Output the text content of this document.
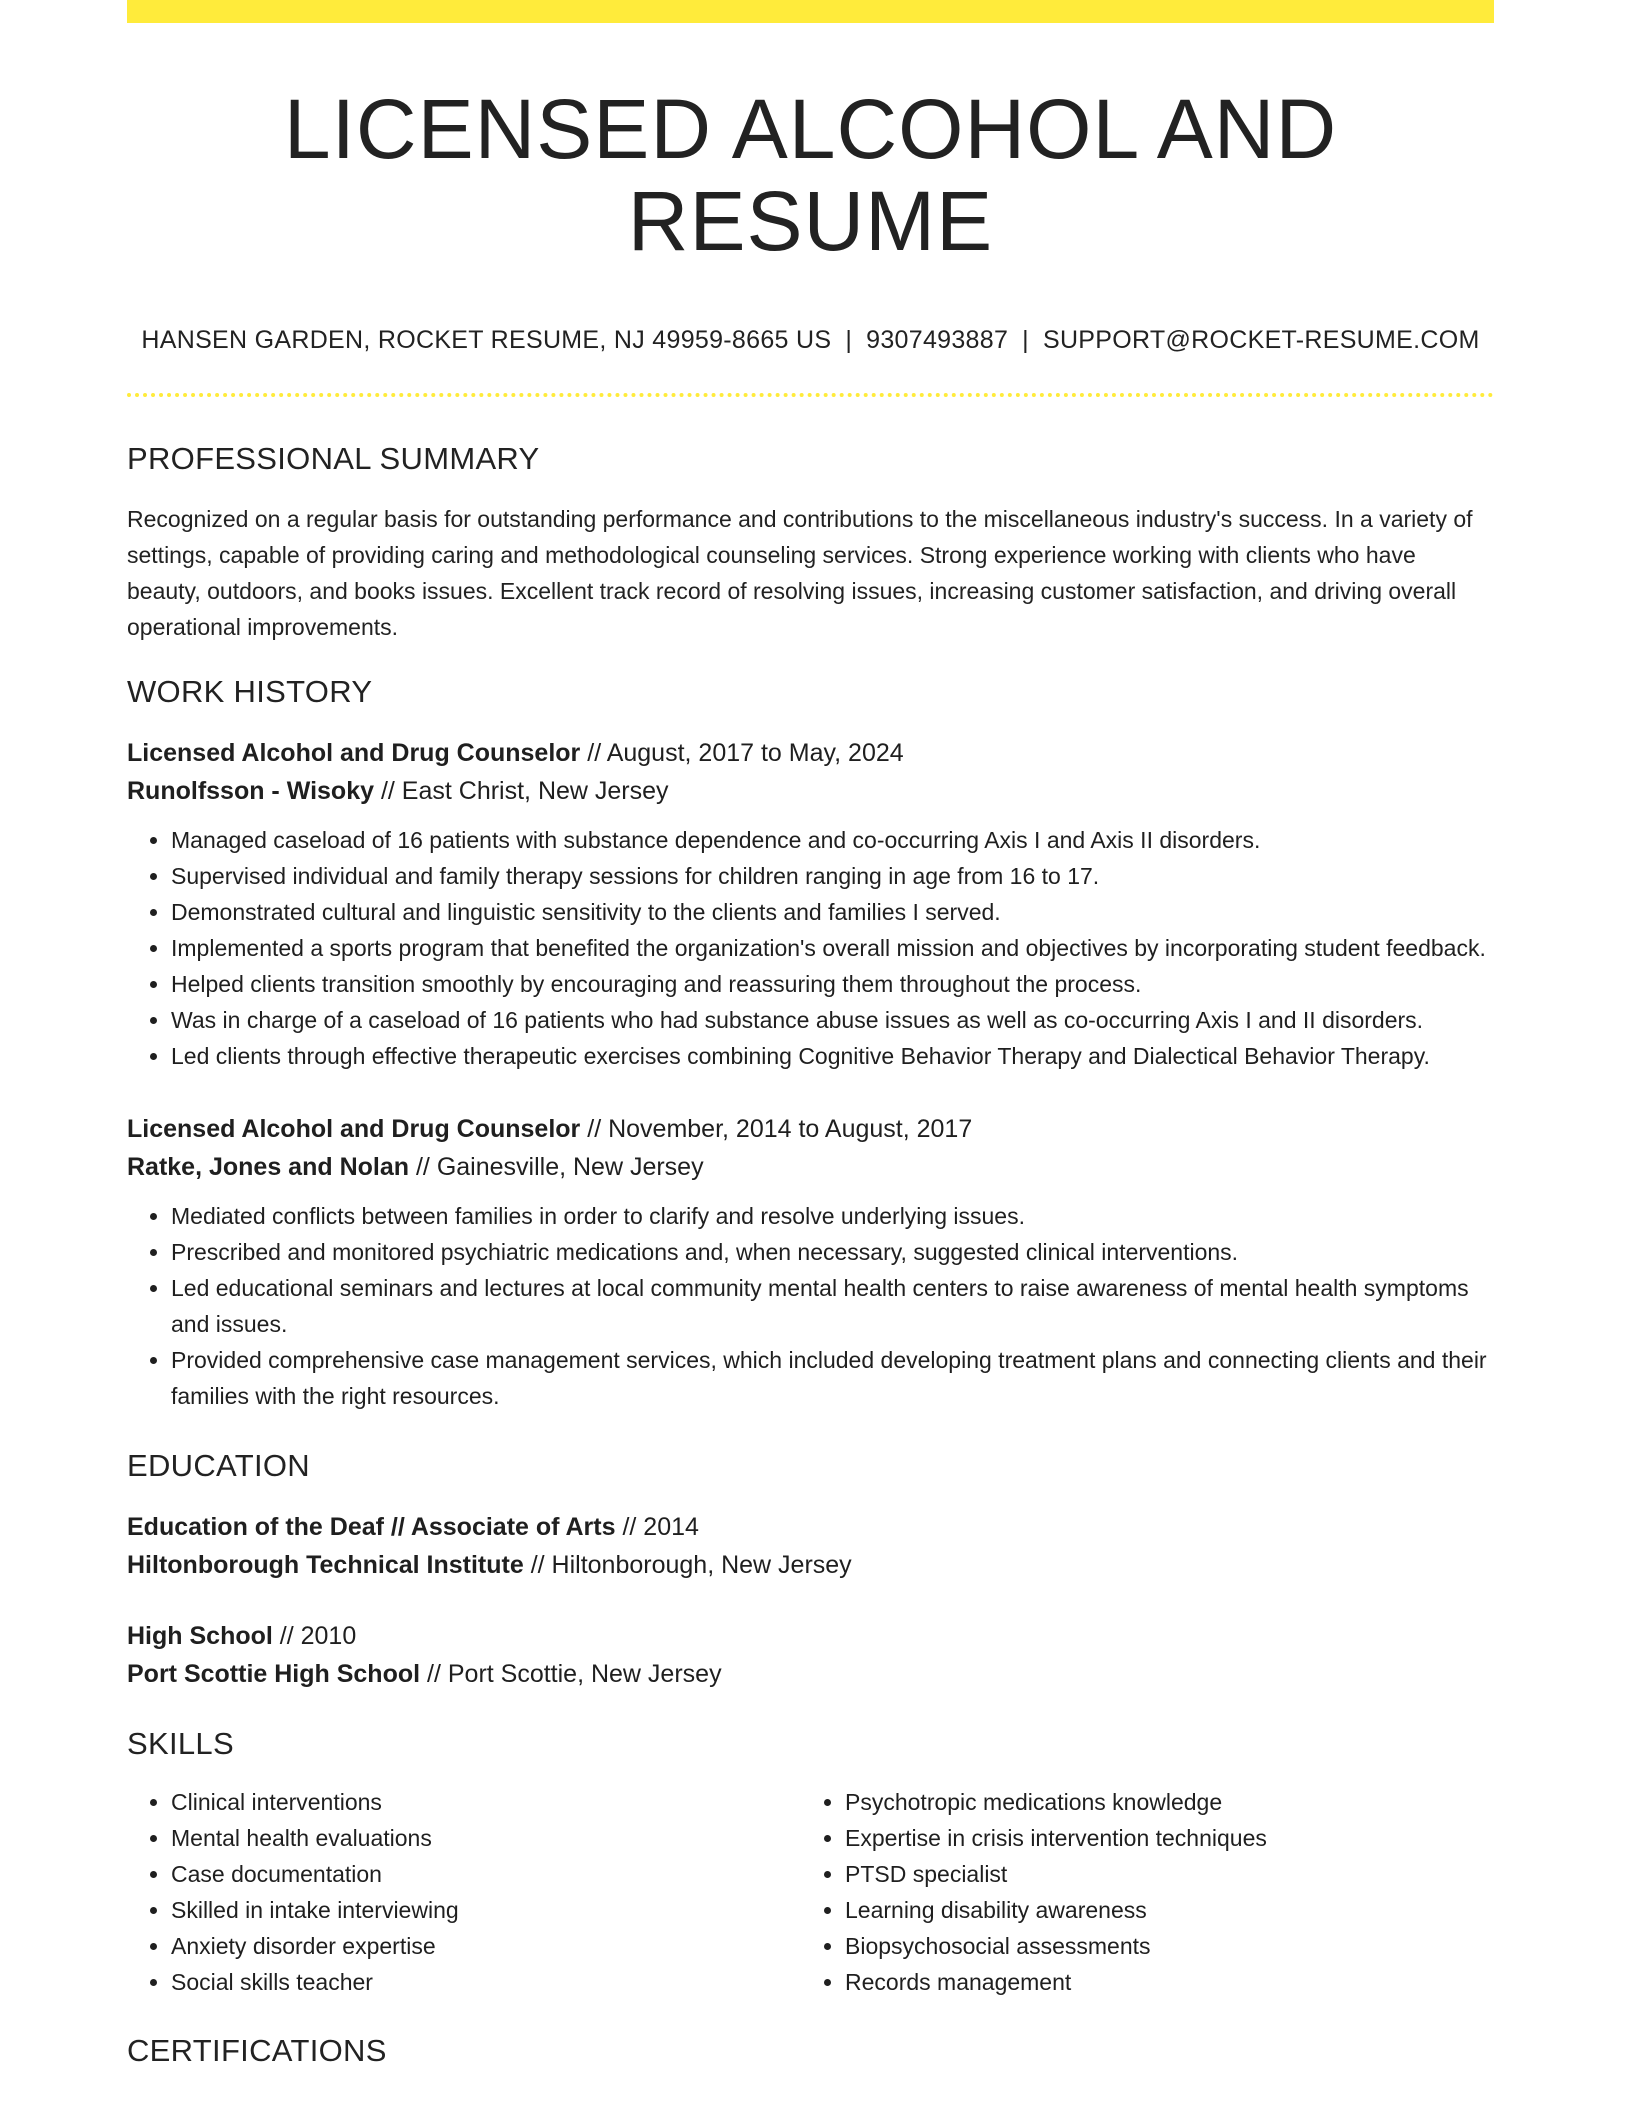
LICENSED ALCOHOL AND RESUME
HANSEN GARDEN, ROCKET RESUME, NJ 49959-8665 US | 9307493887 | SUPPORT@ROCKET-RESUME.COM
PROFESSIONAL SUMMARY
Recognized on a regular basis for outstanding performance and contributions to the miscellaneous industry's success. In a variety of settings, capable of providing caring and methodological counseling services. Strong experience working with clients who have beauty, outdoors, and books issues. Excellent track record of resolving issues, increasing customer satisfaction, and driving overall operational improvements.
WORK HISTORY
Licensed Alcohol and Drug Counselor // August, 2017 to May, 2024
Runolfsson - Wisoky // East Christ, New Jersey
• Managed caseload of 16 patients with substance dependence and co-occurring Axis I and Axis II disorders.
• Supervised individual and family therapy sessions for children ranging in age from 16 to 17.
• Demonstrated cultural and linguistic sensitivity to the clients and families I served.
• Implemented a sports program that benefited the organization's overall mission and objectives by incorporating student feedback.
• Helped clients transition smoothly by encouraging and reassuring them throughout the process.
• Was in charge of a caseload of 16 patients who had substance abuse issues as well as co-occurring Axis I and II disorders.
• Led clients through effective therapeutic exercises combining Cognitive Behavior Therapy and Dialectical Behavior Therapy.
Licensed Alcohol and Drug Counselor // November, 2014 to August, 2017
Ratke, Jones and Nolan // Gainesville, New Jersey
• Mediated conflicts between families in order to clarify and resolve underlying issues.
• Prescribed and monitored psychiatric medications and, when necessary, suggested clinical interventions.
• Led educational seminars and lectures at local community mental health centers to raise awareness of mental health symptoms and issues.
• Provided comprehensive case management services, which included developing treatment plans and connecting clients and their families with the right resources.
EDUCATION
Education of the Deaf // Associate of Arts // 2014
Hiltonborough Technical Institute // Hiltonborough, New Jersey
High School // 2010
Port Scottie High School // Port Scottie, New Jersey
SKILLS
• Clinical interventions
• Mental health evaluations
• Case documentation
• Skilled in intake interviewing
• Anxiety disorder expertise
• Social skills teacher
• Psychotropic medications knowledge
• Expertise in crisis intervention techniques
• PTSD specialist
• Learning disability awareness
• Biopsychosocial assessments
• Records management
CERTIFICATIONS
